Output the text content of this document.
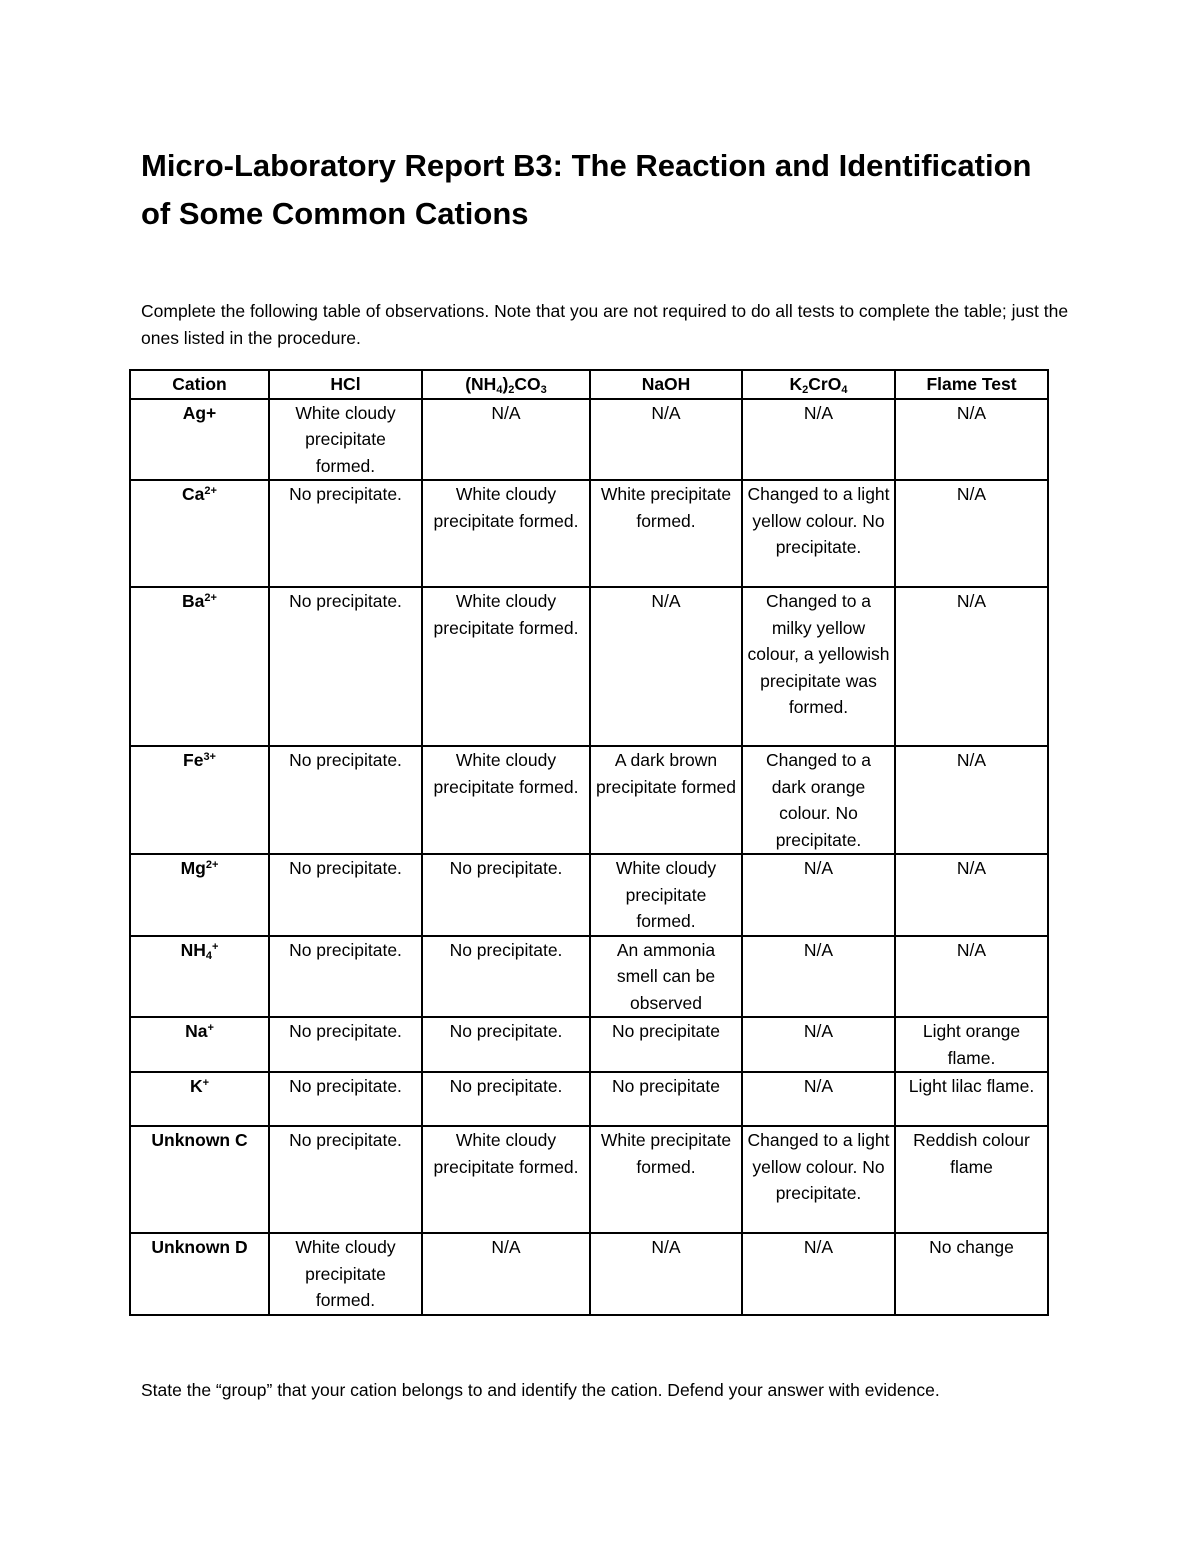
Micro-Laboratory Report B3: The Reaction and Identification of Some Common Cations
Complete the following table of observations. Note that you are not required to do all tests to complete the table; just the ones listed in the procedure.
Cation	HCl	$(NH_4)_2CO_3$	NaOH	$K_2CrO_4$	Flame Test
Ag+	White cloudy precipitate formed.	N/A	N/A	N/A	N/A
$Ca^{2+}$	No precipitate.	White cloudy precipitate formed.	White precipitate formed.	Changed to a light yellow colour. No precipitate.	N/A
$Ba^{2+}$	No precipitate.	White cloudy precipitate formed.	N/A	Changed to a milky yellow colour, a yellowish precipitate was formed.	N/A
$Fe^{3+}$	No precipitate.	White cloudy precipitate formed.	A dark brown precipitate formed	Changed to a dark orange colour. No precipitate.	N/A
$Mg^{2+}$	No precipitate.	No precipitate.	White cloudy precipitate formed.	N/A	N/A
$NH_4^+$	No precipitate.	No precipitate.	An ammonia smell can be observed	N/A	N/A
Na+	No precipitate.	No precipitate.	No precipitate	N/A	Light orange flame.
K+	No precipitate.	No precipitate.	No precipitate	N/A	Light lilac flame.
Unknown C	No precipitate.	White cloudy precipitate formed.	White precipitate formed.	Changed to a light yellow colour. No precipitate.	Reddish colour flame
Unknown D	White cloudy precipitate formed.	N/A	N/A	N/A	No change
State the “group” that your cation belongs to and identify the cation. Defend your answer with evidence.
